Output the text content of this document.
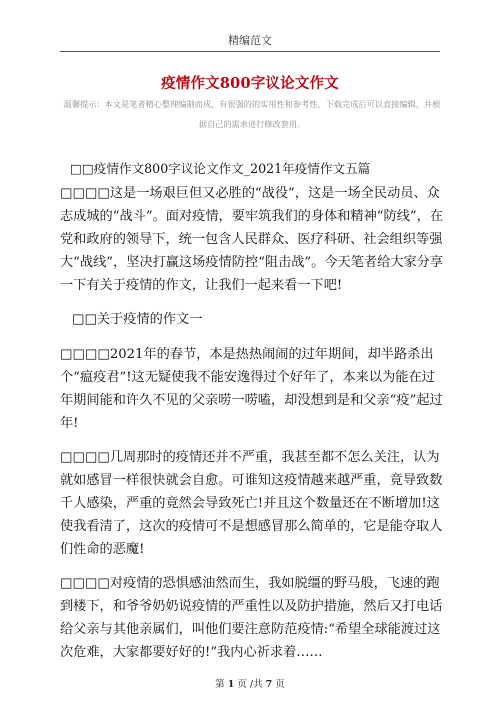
精编范文
疫情作文800字议论文作文
温馨提示：本文是笔者精心整理编制而成，有很强的的实用性和参考性，下载完成后可以直接编辑，并根据自己的需求进行修改套用。
□□疫情作文800字议论文作文_2021年疫情作文五篇

□□□□这是一场艰巨但又必胜的“战役”，这是一场全民动员、众志成城的“战斗”。面对疫情，要牢筑我们的身体和精神“防线”，在党和政府的领导下，统一包含人民群众、医疗科研、社会组织等强大“战线”，坚决打赢这场疫情防控“阻击战”。今天笔者给大家分享一下有关于疫情的作文，让我们一起来看一下吧!

□□关于疫情的作文一

□□□□2021年的春节，本是热热闹闹的过年期间，却半路杀出个“瘟疫君”!这无疑使我不能安逸得过个好年了，本来以为能在过年期间能和许久不见的父亲唠一唠嗑，却没想到是和父亲“疫”起过年!

□□□□几周那时的疫情还并不严重，我甚至都不怎么关注，认为就如感冒一样很快就会自愈。可谁知这疫情越来越严重，竟导致数千人感染，严重的竟然会导致死亡!并且这个数量还在不断增加!这使我看清了，这次的疫情可不是想感冒那么简单的，它是能夺取人们性命的恶魔!

□□□□对疫情的恐惧感油然而生，我如脱缰的野马般，飞速的跑到楼下，和爷爷奶奶说疫情的严重性以及防护措施，然后又打电话给父亲与其他亲属们，叫他们要注意防范疫情:“希望全球能渡过这次危难，大家都要好好的!”我内心祈求着……

第 1 页 /共 7 页
